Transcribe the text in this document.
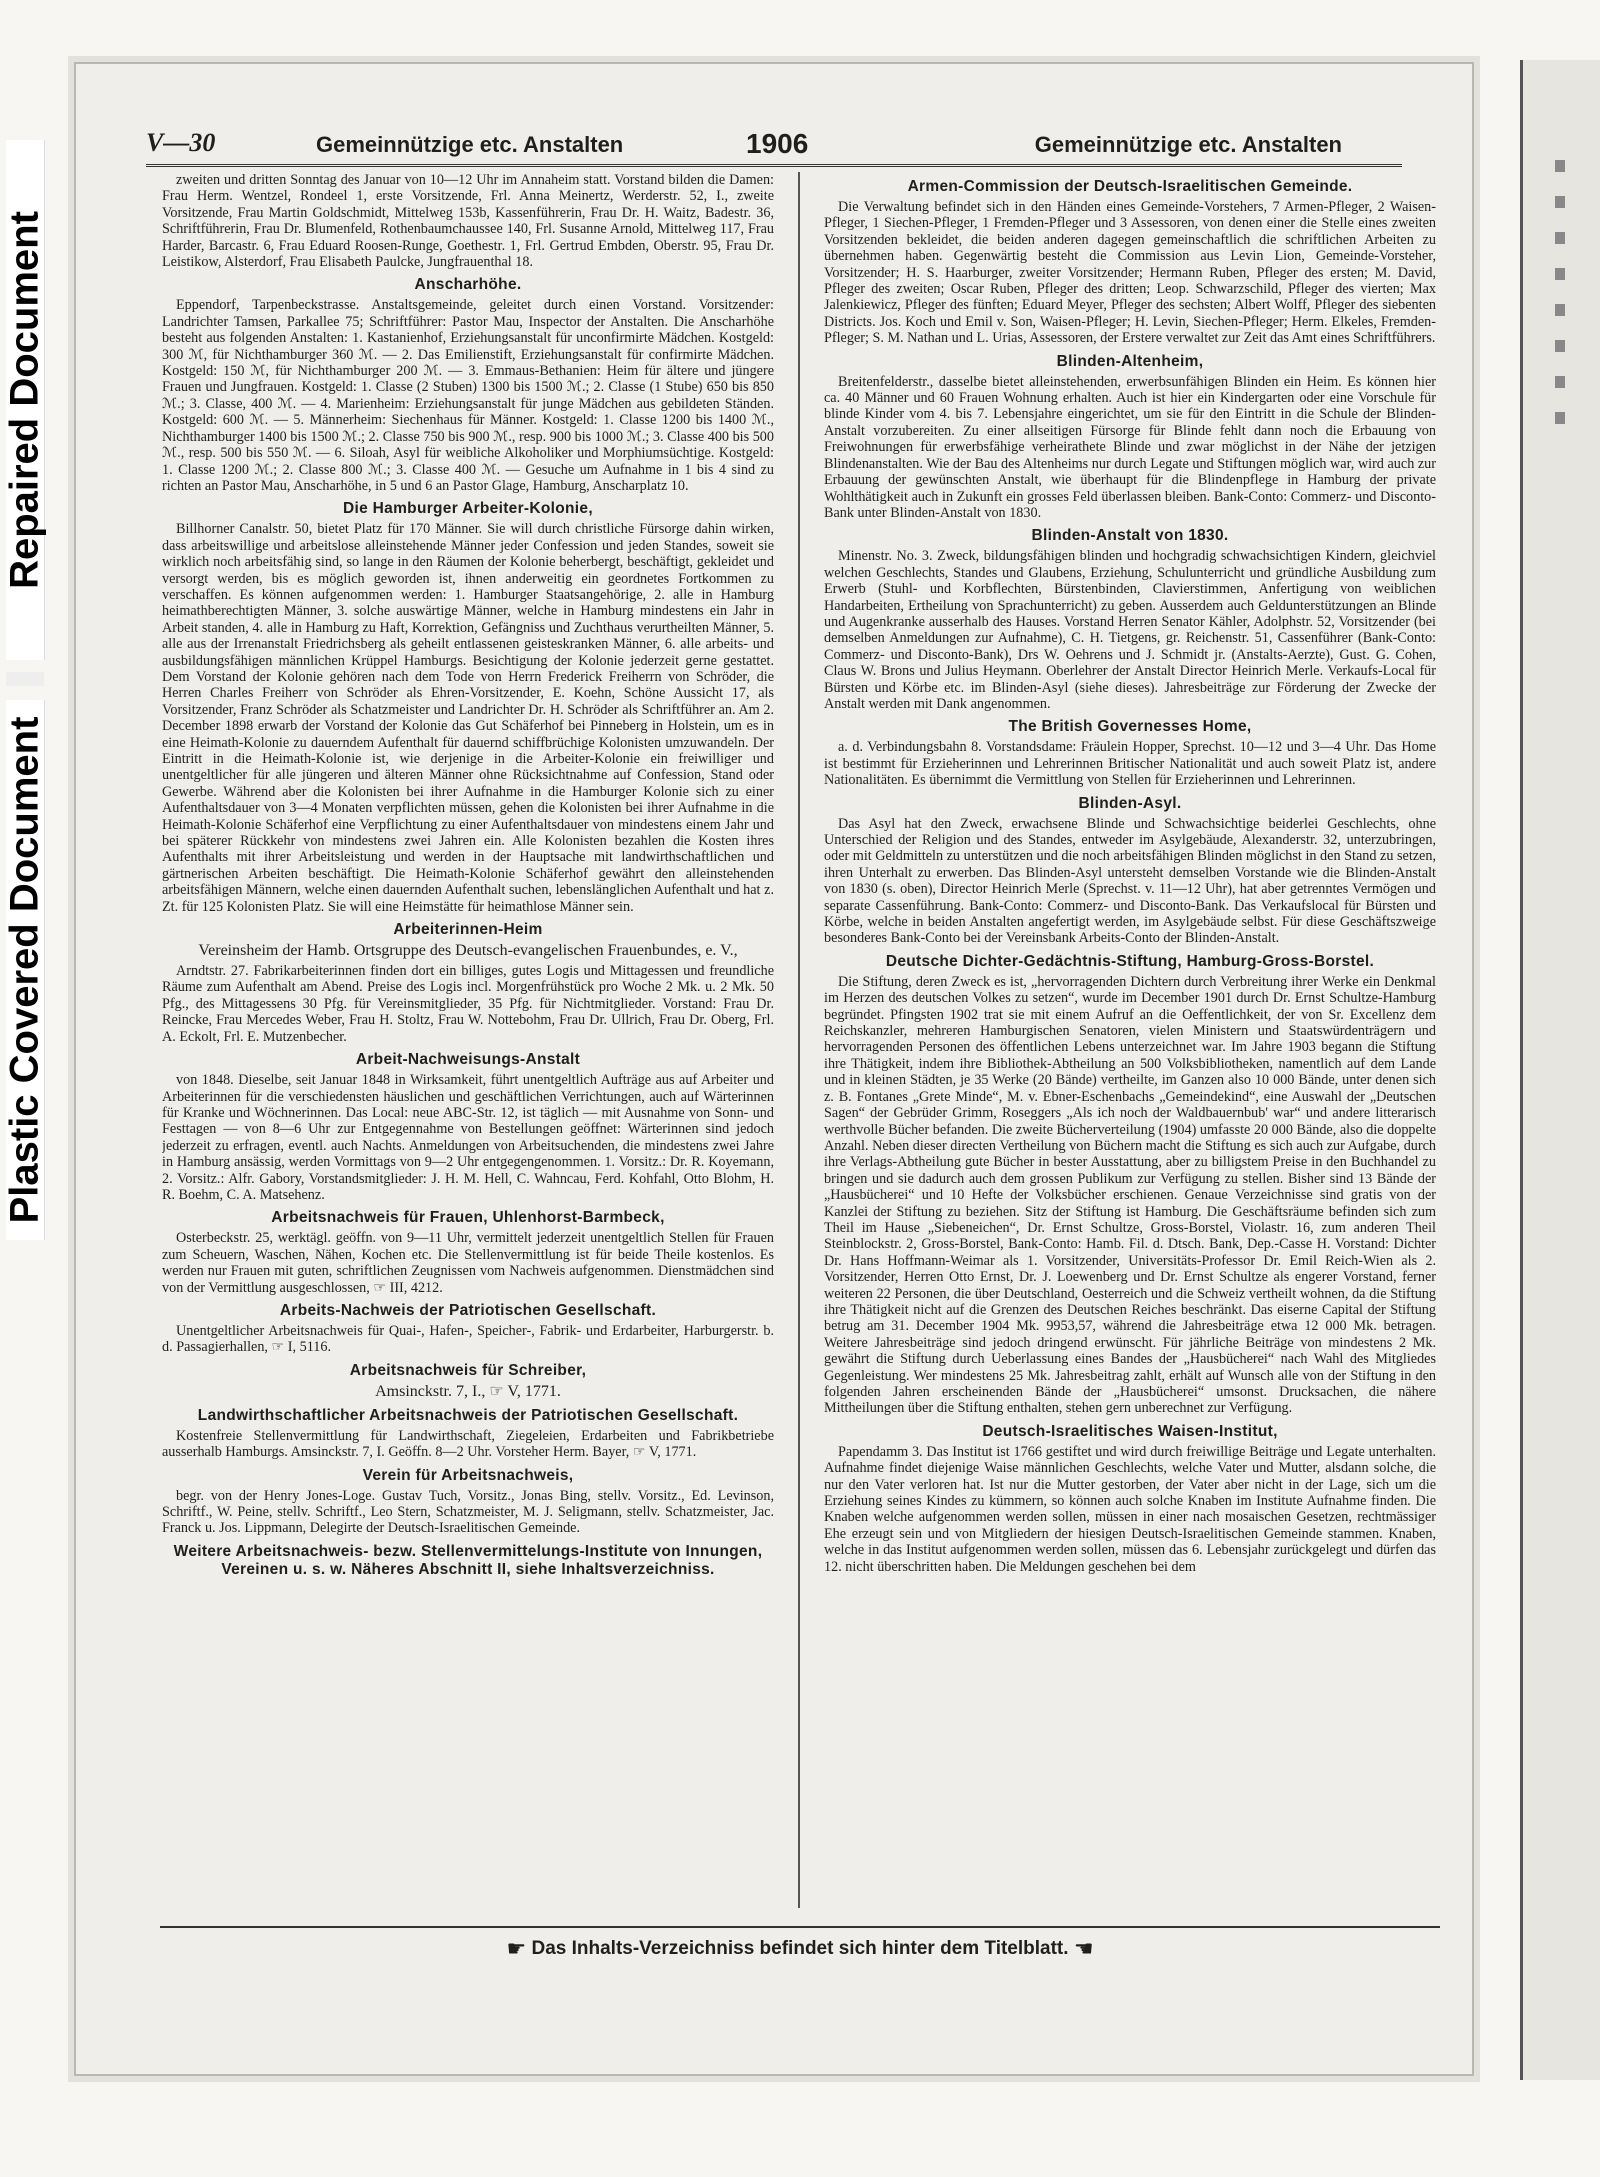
Repaired Document
Plastic Covered Document
V—30	Gemeinnützige etc. Anstalten	1906	Gemeinnützige etc. Anstalten

zweiten und dritten Sonntag des Januar von 10—12 Uhr im Annaheim statt. Vorstand bilden die Damen: Frau Herm. Wentzel, Rondeel 1, erste Vorsitzende, Frl. Anna Meinertz, Werderstr. 52, I., zweite Vorsitzende, Frau Martin Goldschmidt, Mittelweg 153b, Kassenführerin, Frau Dr. H. Waitz, Badestr. 36, Schriftführerin, Frau Dr. Blumenfeld, Rothenbaumchaussee 140, Frl. Susanne Arnold, Mittelweg 117, Frau Harder, Barcastr. 6, Frau Eduard Roosen-Runge, Goethestr. 1, Frl. Gertrud Embden, Oberstr. 95, Frau Dr. Leistikow, Alsterdorf, Frau Elisabeth Paulcke, Jungfrauenthal 18.

Anscharhöhe.

Eppendorf, Tarpenbeckstrasse. Anstaltsgemeinde, geleitet durch einen Vorstand. Vorsitzender: Landrichter Tamsen, Parkallee 75; Schriftführer: Pastor Mau, Inspector der Anstalten. Die Anscharhöhe besteht aus folgenden Anstalten: 1. Kastanienhof, Erziehungsanstalt für unconfirmirte Mädchen. Kostgeld: 300 ℳ, für Nichthamburger 360 ℳ. — 2. Das Emilienstift, Erziehungsanstalt für confirmirte Mädchen. Kostgeld: 150 ℳ, für Nichthamburger 200 ℳ. — 3. Emmaus-Bethanien: Heim für ältere und jüngere Frauen und Jungfrauen. Kostgeld: 1. Classe (2 Stuben) 1300 bis 1500 ℳ.; 2. Classe (1 Stube) 650 bis 850 ℳ.; 3. Classe, 400 ℳ. — 4. Marienheim: Erziehungsanstalt für junge Mädchen aus gebildeten Ständen. Kostgeld: 600 ℳ. — 5. Männerheim: Siechenhaus für Männer. Kostgeld: 1. Classe 1200 bis 1400 ℳ., Nichthamburger 1400 bis 1500 ℳ.; 2. Classe 750 bis 900 ℳ., resp. 900 bis 1000 ℳ.; 3. Classe 400 bis 500 ℳ., resp. 500 bis 550 ℳ. — 6. Siloah, Asyl für weibliche Alkoholiker und Morphiumsüchtige. Kostgeld: 1. Classe 1200 ℳ.; 2. Classe 800 ℳ.; 3. Classe 400 ℳ. — Gesuche um Aufnahme in 1 bis 4 sind zu richten an Pastor Mau, Anscharhöhe, in 5 und 6 an Pastor Glage, Hamburg, Anscharplatz 10.

Die Hamburger Arbeiter-Kolonie,

Billhorner Canalstr. 50, bietet Platz für 170 Männer. Sie will durch christliche Fürsorge dahin wirken, dass arbeitswillige und arbeitslose alleinstehende Männer jeder Confession und jeden Standes, soweit sie wirklich noch arbeitsfähig sind, so lange in den Räumen der Kolonie beherbergt, beschäftigt, gekleidet und versorgt werden, bis es möglich geworden ist, ihnen anderweitig ein geordnetes Fortkommen zu verschaffen. Es können aufgenommen werden: 1. Hamburger Staatsangehörige, 2. alle in Hamburg heimathberechtigten Männer, 3. solche auswärtige Männer, welche in Hamburg mindestens ein Jahr in Arbeit standen, 4. alle in Hamburg zu Haft, Korrektion, Gefängniss und Zuchthaus verurtheilten Männer, 5. alle aus der Irrenanstalt Friedrichsberg als geheilt entlassenen geisteskranken Männer, 6. alle arbeits- und ausbildungsfähigen männlichen Krüppel Hamburgs. Besichtigung der Kolonie jederzeit gerne gestattet. Dem Vorstand der Kolonie gehören nach dem Tode von Herrn Frederick Freiherrn von Schröder, die Herren Charles Freiherr von Schröder als Ehren-Vorsitzender, E. Koehn, Schöne Aussicht 17, als Vorsitzender, Franz Schröder als Schatzmeister und Landrichter Dr. H. Schröder als Schriftführer an. Am 2. December 1898 erwarb der Vorstand der Kolonie das Gut Schäferhof bei Pinneberg in Holstein, um es in eine Heimath-Kolonie zu dauerndem Aufenthalt für dauernd schiffbrüchige Kolonisten umzuwandeln. Der Eintritt in die Heimath-Kolonie ist, wie derjenige in die Arbeiter-Kolonie ein freiwilliger und unentgeltlicher für alle jüngeren und älteren Männer ohne Rücksichtnahme auf Confession, Stand oder Gewerbe. Während aber die Kolonisten bei ihrer Aufnahme in die Hamburger Kolonie sich zu einer Aufenthaltsdauer von 3—4 Monaten verpflichten müssen, gehen die Kolonisten bei ihrer Aufnahme in die Heimath-Kolonie Schäferhof eine Verpflichtung zu einer Aufenthaltsdauer von mindestens einem Jahr und bei späterer Rückkehr von mindestens zwei Jahren ein. Alle Kolonisten bezahlen die Kosten ihres Aufenthalts mit ihrer Arbeitsleistung und werden in der Hauptsache mit landwirthschaftlichen und gärtnerischen Arbeiten beschäftigt. Die Heimath-Kolonie Schäferhof gewährt den alleinstehenden arbeitsfähigen Männern, welche einen dauernden Aufenthalt suchen, lebenslänglichen Aufenthalt und hat z. Zt. für 125 Kolonisten Platz. Sie will eine Heimstätte für heimathlose Männer sein.

Arbeiterinnen-Heim
Vereinsheim der Hamb. Ortsgruppe des Deutsch-evangelischen Frauenbundes, e. V.,

Arndtstr. 27. Fabrikarbeiterinnen finden dort ein billiges, gutes Logis und Mittagessen und freundliche Räume zum Aufenthalt am Abend. Preise des Logis incl. Morgenfrühstück pro Woche 2 Mk. u. 2 Mk. 50 Pfg., des Mittagessens 30 Pfg. für Vereinsmitglieder, 35 Pfg. für Nichtmitglieder. Vorstand: Frau Dr. Reincke, Frau Mercedes Weber, Frau H. Stoltz, Frau W. Nottebohm, Frau Dr. Ullrich, Frau Dr. Oberg, Frl. A. Eckolt, Frl. E. Mutzenbecher.

Arbeit-Nachweisungs-Anstalt

von 1848. Dieselbe, seit Januar 1848 in Wirksamkeit, führt unentgeltlich Aufträge aus auf Arbeiter und Arbeiterinnen für die verschiedensten häuslichen und geschäftlichen Verrichtungen, auch auf Wärterinnen für Kranke und Wöchnerinnen. Das Local: neue ABC-Str. 12, ist täglich — mit Ausnahme von Sonn- und Festtagen — von 8—6 Uhr zur Entgegennahme von Bestellungen geöffnet: Wärterinnen sind jedoch jederzeit zu erfragen, eventl. auch Nachts. Anmeldungen von Arbeitsuchenden, die mindestens zwei Jahre in Hamburg ansässig, werden Vormittags von 9—2 Uhr entgegengenommen. 1. Vorsitz.: Dr. R. Koyemann, 2. Vorsitz.: Alfr. Gabory, Vorstandsmitglieder: J. H. M. Hell, C. Wahncau, Ferd. Kohfahl, Otto Blohm, H. R. Boehm, C. A. Matsehenz.

Arbeitsnachweis für Frauen, Uhlenhorst-Barmbeck,

Osterbeckstr. 25, werktägl. geöffn. von 9—11 Uhr, vermittelt jederzeit unentgeltlich Stellen für Frauen zum Scheuern, Waschen, Nähen, Kochen etc. Die Stellenvermittlung ist für beide Theile kostenlos. Es werden nur Frauen mit guten, schriftlichen Zeugnissen vom Nachweis aufgenommen. Dienstmädchen sind von der Vermittlung ausgeschlossen, ☞ III, 4212.

Arbeits-Nachweis der Patriotischen Gesellschaft.

Unentgeltlicher Arbeitsnachweis für Quai-, Hafen-, Speicher-, Fabrik- und Erdarbeiter, Harburgerstr. b. d. Passagierhallen, ☞ I, 5116.

Arbeitsnachweis für Schreiber,
Amsinckstr. 7, I., ☞ V, 1771.
Landwirthschaftlicher Arbeitsnachweis der Patriotischen Gesellschaft.

Kostenfreie Stellenvermittlung für Landwirthschaft, Ziegeleien, Erdarbeiten und Fabrikbetriebe ausserhalb Hamburgs. Amsinckstr. 7, I. Geöffn. 8—2 Uhr. Vorsteher Herm. Bayer, ☞ V, 1771.

Verein für Arbeitsnachweis,

begr. von der Henry Jones-Loge. Gustav Tuch, Vorsitz., Jonas Bing, stellv. Vorsitz., Ed. Levinson, Schriftf., W. Peine, stellv. Schriftf., Leo Stern, Schatzmeister, M. J. Seligmann, stellv. Schatzmeister, Jac. Franck u. Jos. Lippmann, Delegirte der Deutsch-Israelitischen Gemeinde.

Weitere Arbeitsnachweis- bezw. Stellenvermittelungs-Institute von Innungen, Vereinen u. s. w. Näheres Abschnitt II, siehe Inhaltsverzeichniss.
Armen-Commission der Deutsch-Israelitischen Gemeinde.

Die Verwaltung befindet sich in den Händen eines Gemeinde-Vorstehers, 7 Armen-Pfleger, 2 Waisen-Pfleger, 1 Siechen-Pfleger, 1 Fremden-Pfleger und 3 Assessoren, von denen einer die Stelle eines zweiten Vorsitzenden bekleidet, die beiden anderen dagegen gemeinschaftlich die schriftlichen Arbeiten zu übernehmen haben. Gegenwärtig besteht die Commission aus Levin Lion, Gemeinde-Vorsteher, Vorsitzender; H. S. Haarburger, zweiter Vorsitzender; Hermann Ruben, Pfleger des ersten; M. David, Pfleger des zweiten; Oscar Ruben, Pfleger des dritten; Leop. Schwarzschild, Pfleger des vierten; Max Jalenkiewicz, Pfleger des fünften; Eduard Meyer, Pfleger des sechsten; Albert Wolff, Pfleger des siebenten Districts. Jos. Koch und Emil v. Son, Waisen-Pfleger; H. Levin, Siechen-Pfleger; Herm. Elkeles, Fremden-Pfleger; S. M. Nathan und L. Urias, Assessoren, der Erstere verwaltet zur Zeit das Amt eines Schriftführers.

Blinden-Altenheim,

Breitenfelderstr., dasselbe bietet alleinstehenden, erwerbsunfähigen Blinden ein Heim. Es können hier ca. 40 Männer und 60 Frauen Wohnung erhalten. Auch ist hier ein Kindergarten oder eine Vorschule für blinde Kinder vom 4. bis 7. Lebensjahre eingerichtet, um sie für den Eintritt in die Schule der Blinden-Anstalt vorzubereiten. Zu einer allseitigen Fürsorge für Blinde fehlt dann noch die Erbauung von Freiwohnungen für erwerbsfähige verheirathete Blinde und zwar möglichst in der Nähe der jetzigen Blindenanstalten. Wie der Bau des Altenheims nur durch Legate und Stiftungen möglich war, wird auch zur Erbauung der gewünschten Anstalt, wie überhaupt für die Blindenpflege in Hamburg der private Wohlthätigkeit auch in Zukunft ein grosses Feld überlassen bleiben. Bank-Conto: Commerz- und Disconto-Bank unter Blinden-Anstalt von 1830.

Blinden-Anstalt von 1830.

Minenstr. No. 3. Zweck, bildungsfähigen blinden und hochgradig schwachsichtigen Kindern, gleichviel welchen Geschlechts, Standes und Glaubens, Erziehung, Schulunterricht und gründliche Ausbildung zum Erwerb (Stuhl- und Korbflechten, Bürstenbinden, Clavierstimmen, Anfertigung von weiblichen Handarbeiten, Ertheilung von Sprachunterricht) zu geben. Ausserdem auch Geldunterstützungen an Blinde und Augenkranke ausserhalb des Hauses. Vorstand Herren Senator Kähler, Adolphstr. 52, Vorsitzender (bei demselben Anmeldungen zur Aufnahme), C. H. Tietgens, gr. Reichenstr. 51, Cassenführer (Bank-Conto: Commerz- und Disconto-Bank), Drs W. Oehrens und J. Schmidt jr. (Anstalts-Aerzte), Gust. G. Cohen, Claus W. Brons und Julius Heymann. Oberlehrer der Anstalt Director Heinrich Merle. Verkaufs-Local für Bürsten und Körbe etc. im Blinden-Asyl (siehe dieses). Jahresbeiträge zur Förderung der Zwecke der Anstalt werden mit Dank angenommen.

The British Governesses Home,

a. d. Verbindungsbahn 8. Vorstandsdame: Fräulein Hopper, Sprechst. 10—12 und 3—4 Uhr. Das Home ist bestimmt für Erzieherinnen und Lehrerinnen Britischer Nationalität und auch soweit Platz ist, andere Nationalitäten. Es übernimmt die Vermittlung von Stellen für Erzieherinnen und Lehrerinnen.

Blinden-Asyl.

Das Asyl hat den Zweck, erwachsene Blinde und Schwachsichtige beiderlei Geschlechts, ohne Unterschied der Religion und des Standes, entweder im Asylgebäude, Alexanderstr. 32, unterzubringen, oder mit Geldmitteln zu unterstützen und die noch arbeitsfähigen Blinden möglichst in den Stand zu setzen, ihren Unterhalt zu erwerben. Das Blinden-Asyl untersteht demselben Vorstande wie die Blinden-Anstalt von 1830 (s. oben), Director Heinrich Merle (Sprechst. v. 11—12 Uhr), hat aber getrenntes Vermögen und separate Cassenführung. Bank-Conto: Commerz- und Disconto-Bank. Das Verkaufslocal für Bürsten und Körbe, welche in beiden Anstalten angefertigt werden, im Asylgebäude selbst. Für diese Geschäftszweige besonderes Bank-Conto bei der Vereinsbank Arbeits-Conto der Blinden-Anstalt.

Deutsche Dichter-Gedächtnis-Stiftung, Hamburg-Gross-Borstel.

Die Stiftung, deren Zweck es ist, „hervorragenden Dichtern durch Verbreitung ihrer Werke ein Denkmal im Herzen des deutschen Volkes zu setzen“, wurde im December 1901 durch Dr. Ernst Schultze-Hamburg begründet. Pfingsten 1902 trat sie mit einem Aufruf an die Oeffentlichkeit, der von Sr. Excellenz dem Reichskanzler, mehreren Hamburgischen Senatoren, vielen Ministern und Staatswürdenträgern und hervorragenden Personen des öffentlichen Lebens unterzeichnet war. Im Jahre 1903 begann die Stiftung ihre Thätigkeit, indem ihre Bibliothek-Abtheilung an 500 Volksbibliotheken, namentlich auf dem Lande und in kleinen Städten, je 35 Werke (20 Bände) vertheilte, im Ganzen also 10 000 Bände, unter denen sich z. B. Fontanes „Grete Minde“, M. v. Ebner-Eschenbachs „Gemeindekind“, eine Auswahl der „Deutschen Sagen“ der Gebrüder Grimm, Roseggers „Als ich noch der Waldbauernbub' war“ und andere litterarisch werthvolle Bücher befanden. Die zweite Bücherverteilung (1904) umfasste 20 000 Bände, also die doppelte Anzahl. Neben dieser directen Vertheilung von Büchern macht die Stiftung es sich auch zur Aufgabe, durch ihre Verlags-Abtheilung gute Bücher in bester Ausstattung, aber zu billigstem Preise in den Buchhandel zu bringen und sie dadurch auch dem grossen Publikum zur Verfügung zu stellen. Bisher sind 13 Bände der „Hausbücherei“ und 10 Hefte der Volksbücher erschienen. Genaue Verzeichnisse sind gratis von der Kanzlei der Stiftung zu beziehen. Sitz der Stiftung ist Hamburg. Die Geschäftsräume befinden sich zum Theil im Hause „Siebeneichen“, Dr. Ernst Schultze, Gross-Borstel, Violastr. 16, zum anderen Theil Steinblockstr. 2, Gross-Borstel, Bank-Conto: Hamb. Fil. d. Dtsch. Bank, Dep.-Casse H. Vorstand: Dichter Dr. Hans Hoffmann-Weimar als 1. Vorsitzender, Universitäts-Professor Dr. Emil Reich-Wien als 2. Vorsitzender, Herren Otto Ernst, Dr. J. Loewenberg und Dr. Ernst Schultze als engerer Vorstand, ferner weiteren 22 Personen, die über Deutschland, Oesterreich und die Schweiz vertheilt wohnen, da die Stiftung ihre Thätigkeit nicht auf die Grenzen des Deutschen Reiches beschränkt. Das eiserne Capital der Stiftung betrug am 31. December 1904 Mk. 9953,57, während die Jahresbeiträge etwa 12 000 Mk. betragen. Weitere Jahresbeiträge sind jedoch dringend erwünscht. Für jährliche Beiträge von mindestens 2 Mk. gewährt die Stiftung durch Ueberlassung eines Bandes der „Hausbücherei“ nach Wahl des Mitgliedes Gegenleistung. Wer mindestens 25 Mk. Jahresbeitrag zahlt, erhält auf Wunsch alle von der Stiftung in den folgenden Jahren erscheinenden Bände der „Hausbücherei“ umsonst. Drucksachen, die nähere Mittheilungen über die Stiftung enthalten, stehen gern unberechnet zur Verfügung.

Deutsch-Israelitisches Waisen-Institut,

Papendamm 3. Das Institut ist 1766 gestiftet und wird durch freiwillige Beiträge und Legate unterhalten. Aufnahme findet diejenige Waise männlichen Geschlechts, welche Vater und Mutter, alsdann solche, die nur den Vater verloren hat. Ist nur die Mutter gestorben, der Vater aber nicht in der Lage, sich um die Erziehung seines Kindes zu kümmern, so können auch solche Knaben im Institute Aufnahme finden. Die Knaben welche aufgenommen werden sollen, müssen in einer nach mosaischen Gesetzen, rechtmässiger Ehe erzeugt sein und von Mitgliedern der hiesigen Deutsch-Israelitischen Gemeinde stammen. Knaben, welche in das Institut aufgenommen werden sollen, müssen das 6. Lebensjahr zurückgelegt und dürfen das 12. nicht überschritten haben. Die Meldungen geschehen bei dem

☛ Das Inhalts-Verzeichniss befindet sich hinter dem Titelblatt. ☚
